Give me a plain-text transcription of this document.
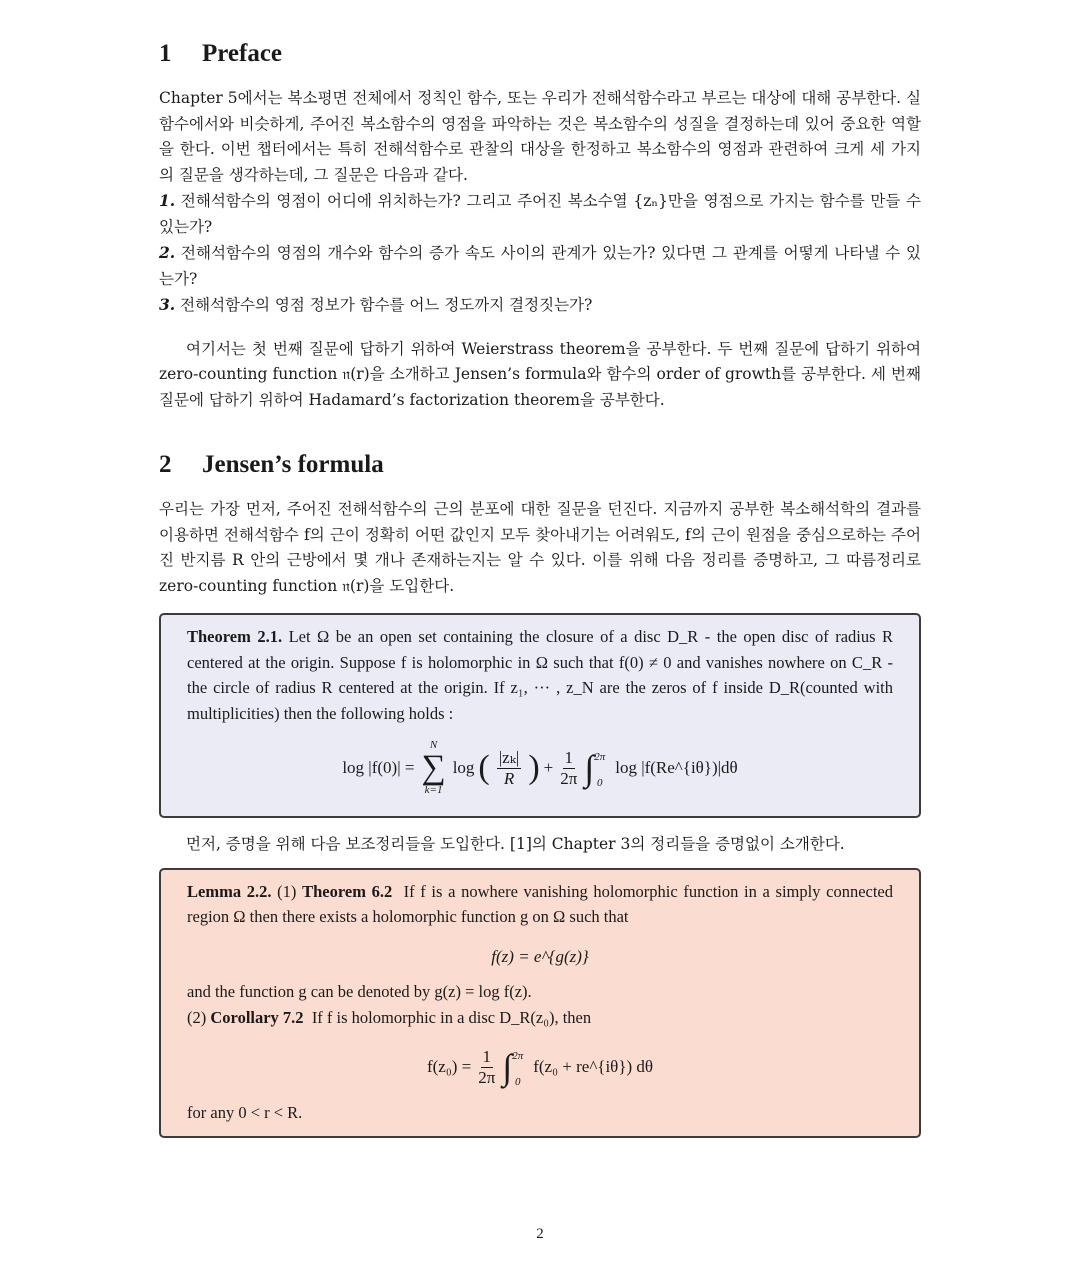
1 Preface

Chapter 5에서는 복소평면 전체에서 정칙인 함수, 또는 우리가 전해석함수라고 부르는 대상에 대해 공부한다. 실함수에서와 비슷하게, 주어진 복소함수의 영점을 파악하는 것은 복소함수의 성질을 결정하는데 있어 중요한 역할을 한다. 이번 챕터에서는 특히 전해석함수로 관찰의 대상을 한정하고 복소함수의 영점과 관련하여 크게 세 가지의 질문을 생각하는데, 그 질문은 다음과 같다.

1. 전해석함수의 영점이 어디에 위치하는가? 그리고 주어진 복소수열 {zₙ}만을 영점으로 가지는 함수를 만들 수 있는가?
2. 전해석함수의 영점의 개수와 함수의 증가 속도 사이의 관계가 있는가? 있다면 그 관계를 어떻게 나타낼 수 있는가?
3. 전해석함수의 영점 정보가 함수를 어느 정도까지 결정짓는가?

여기서는 첫 번째 질문에 답하기 위하여 Weierstrass theorem을 공부한다. 두 번째 질문에 답하기 위하여 zero-counting function 𝔫(r)을 소개하고 Jensen’s formula와 함수의 order of growth를 공부한다. 세 번째 질문에 답하기 위하여 Hadamard’s factorization theorem을 공부한다.

2 Jensen’s formula

우리는 가장 먼저, 주어진 전해석함수의 근의 분포에 대한 질문을 던진다. 지금까지 공부한 복소해석학의 결과를 이용하면 전해석함수 f의 근이 정확히 어떤 값인지 모두 찾아내기는 어려워도, f의 근이 원점을 중심으로하는 주어진 반지름 R 안의 근방에서 몇 개나 존재하는지는 알 수 있다. 이를 위해 다음 정리를 증명하고, 그 따름정리로 zero-counting function 𝔫(r)을 도입한다.

Theorem 2.1. Let Ω be an open set containing the closure of a disc D_R - the open disc of radius R centered at the origin. Suppose f is holomorphic in Ω such that f(0) ≠ 0 and vanishes nowhere on C_R - the circle of radius R centered at the origin. If z₁, ··· , z_N are the zeros of f inside D_R(counted with multiplicities) then the following holds :
log |f(0)| =
N
∑
k=1
log ( $\frac{\text{|zₖ|}}{R}$ ) + $\frac{1}{2\pi}$ ∫ 2π
0
log |f(Re^{iθ})|dθ

먼저, 증명을 위해 다음 보조정리들을 도입한다. [1]의 Chapter 3의 정리들을 증명없이 소개한다.

Lemma 2.2. (1) Theorem 6.2 If f is a nowhere vanishing holomorphic function in a simply connected region Ω then there exists a holomorphic function g on Ω such that
f(z) = e^{g(z)}
and the function g can be denoted by g(z) = log f(z).
(2) Corollary 7.2 If f is holomorphic in a disc D_R(z₀), then
$f(z_0) = \frac{1}{2\pi}$ ∫ 2π
0
f(z₀ + re^{iθ}) dθ
for any 0 < r < R.
2
